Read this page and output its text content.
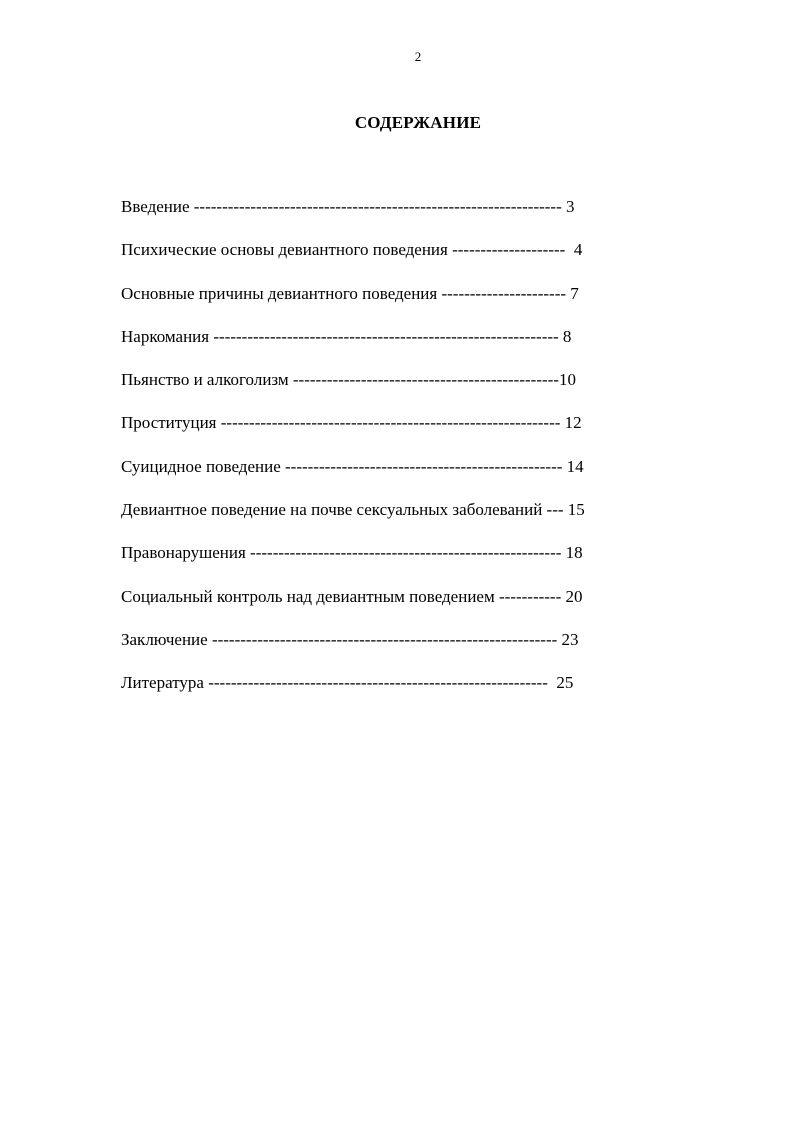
2
СОДЕРЖАНИЕ
Введение ----------------------------------------------------------------- 3
Психические основы девиантного поведения --------------------  4
Основные причины девиантного поведения ---------------------- 7
Наркомания ------------------------------------------------------------- 8
Пьянство и алкоголизм -----------------------------------------------10
Проституция ------------------------------------------------------------ 12
Суицидное поведение ------------------------------------------------- 14
Девиантное поведение на почве сексуальных заболеваний --- 15
Правонарушения ------------------------------------------------------- 18
Социальный контроль над девиантным поведением ----------- 20
Заключение ------------------------------------------------------------- 23
Литература ------------------------------------------------------------  25
